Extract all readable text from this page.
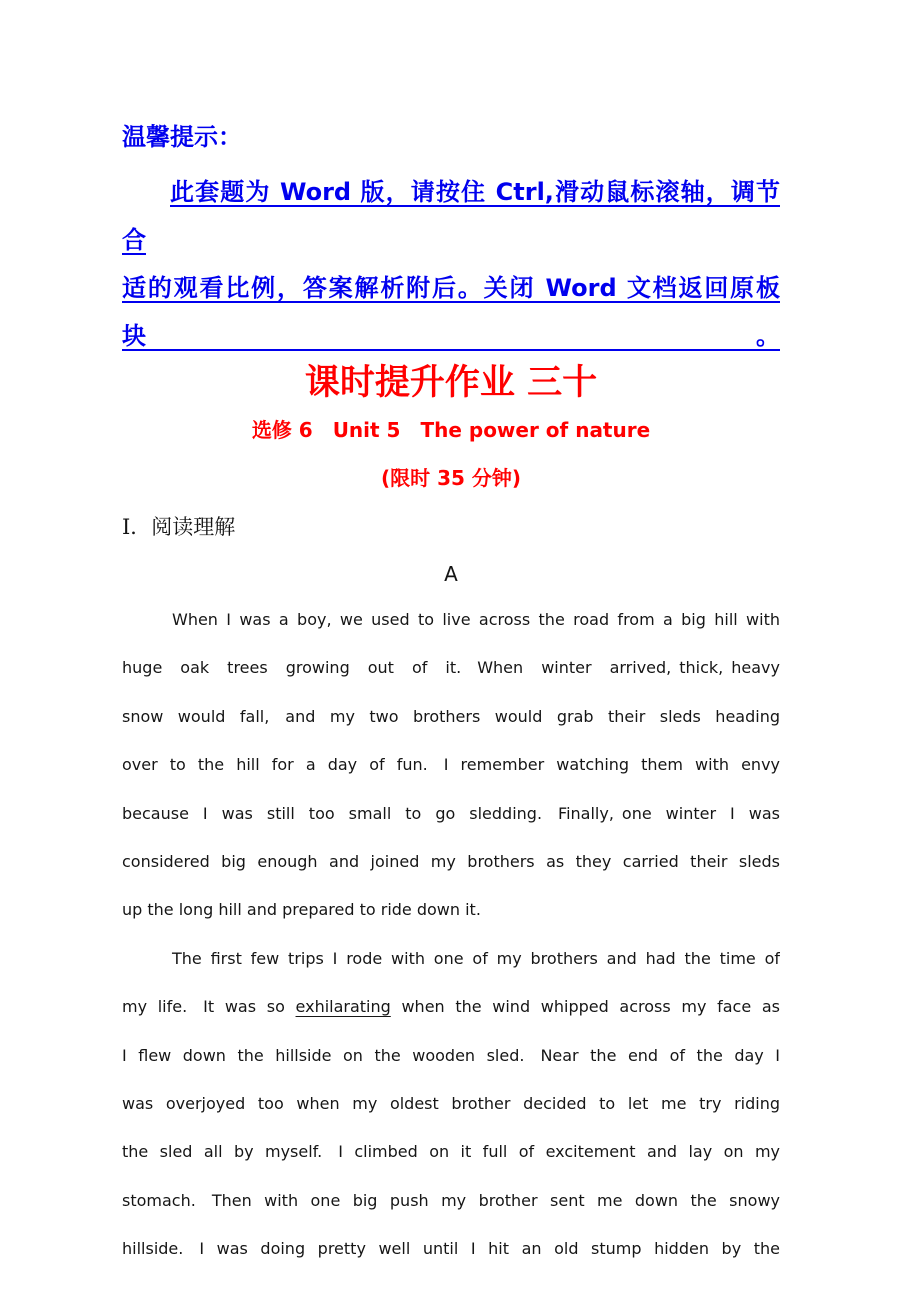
温馨提示：
此套题为 Word 版，请按住 Ctrl,滑动鼠标滚轴，调节合
适的观看比例，答案解析附后。关闭 Word 文档返回原板块。
课时提升作业 三十
选修 6　Unit 5　The power of nature
(限时 35 分钟)
Ⅰ．阅读理解
A
When I was a boy, we used to live across the road from a big hill with
huge oak trees growing out of it. When winter arrived, thick, heavy
snow would fall, and my two brothers would grab their sleds heading
over to the hill for a day of fun. I remember watching them with envy
because I was still too small to go sledding. Finally, one winter I was
considered big enough and joined my brothers as they carried their sleds
up the long hill and prepared to ride down it.
The first few trips I rode with one of my brothers and had the time of
my life. It was so exhilarating when the wind whipped across my face as
I flew down the hillside on the wooden sled. Near the end of the day I
was overjoyed too when my oldest brother decided to let me try riding
the sled all by myself. I climbed on it full of excitement and lay on my
stomach. Then with one big push my brother sent me down the snowy
hillside. I was doing pretty well until I hit an old stump hidden by the
